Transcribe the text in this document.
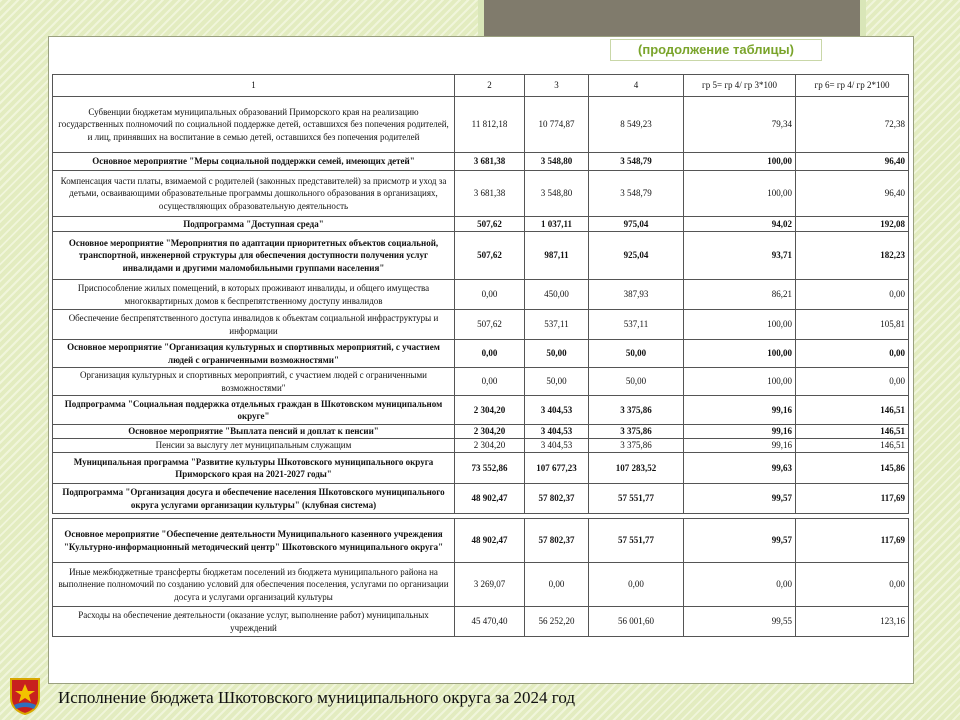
(продолжение таблицы)
1	2	3	4	гр 5= гр 4/ гр 3*100	гр 6= гр 4/ гр 2*100
Субвенции бюджетам муниципальных образований Приморского края на реализацию государственных полномочий по социальной поддержке детей, оставшихся без попечения родителей, и лиц, принявших на воспитание в семью детей, оставшихся без попечения родителей	11 812,18	10 774,87	8 549,23	79,34	72,38
Основное мероприятие "Меры социальной поддержки семей, имеющих детей"	3 681,38	3 548,80	3 548,79	100,00	96,40
Компенсация части платы, взимаемой с родителей (законных представителей) за присмотр и уход за детьми, осваивающими образовательные программы дошкольного образования в организациях, осуществляющих образовательную деятельность	3 681,38	3 548,80	3 548,79	100,00	96,40
Подпрограмма "Доступная среда"	507,62	1 037,11	975,04	94,02	192,08
Основное мероприятие "Мероприятия по адаптации приоритетных объектов социальной, транспортной, инженерной структуры для обеспечения доступности получения услуг инвалидами и другими маломобильными группами населения"	507,62	987,11	925,04	93,71	182,23
Приспособление жилых помещений, в которых проживают инвалиды, и общего имущества многоквартирных домов к беспрепятственному доступу инвалидов	0,00	450,00	387,93	86,21	0,00
Обеспечение беспрепятственного доступа инвалидов к объектам социальной инфраструктуры и информации	507,62	537,11	537,11	100,00	105,81
Основное мероприятие "Организация культурных и спортивных мероприятий, с участием людей с ограниченными возможностями"	0,00	50,00	50,00	100,00	0,00
Организация культурных и спортивных мероприятий, с участием людей с ограниченными возможностями"	0,00	50,00	50,00	100,00	0,00
Подпрограмма "Социальная поддержка отдельных граждан в Шкотовском муниципальном округе"	2 304,20	3 404,53	3 375,86	99,16	146,51
Основное мероприятие "Выплата пенсий и доплат к пенсии"	2 304,20	3 404,53	3 375,86	99,16	146,51
Пенсии за выслугу лет муниципальным служащим	2 304,20	3 404,53	3 375,86	99,16	146,51
Муниципальная программа "Развитие культуры Шкотовского муниципального округа Приморского края на 2021-2027 годы"	73 552,86	107 677,23	107 283,52	99,63	145,86
Подпрограмма "Организация досуга и обеспечение населения Шкотовского муниципального округа услугами организации культуры" (клубная система)	48 902,47	57 802,37	57 551,77	99,57	117,69

Основное мероприятие "Обеспечение деятельности Муниципального казенного учреждения "Культурно-информационный методический центр" Шкотовского муниципального округа"	48 902,47	57 802,37	57 551,77	99,57	117,69
Иные межбюджетные трансферты бюджетам поселений из бюджета муниципального района на выполнение полномочий по созданию условий для обеспечения поселения, услугами по организации досуга и услугами организаций культуры	3 269,07	0,00	0,00	0,00	0,00
Расходы на обеспечение деятельности (оказание услуг, выполнение работ) муниципальных учреждений	45 470,40	56 252,20	56 001,60	99,55	123,16
Исполнение бюджета Шкотовского муниципального округа за 2024 год
